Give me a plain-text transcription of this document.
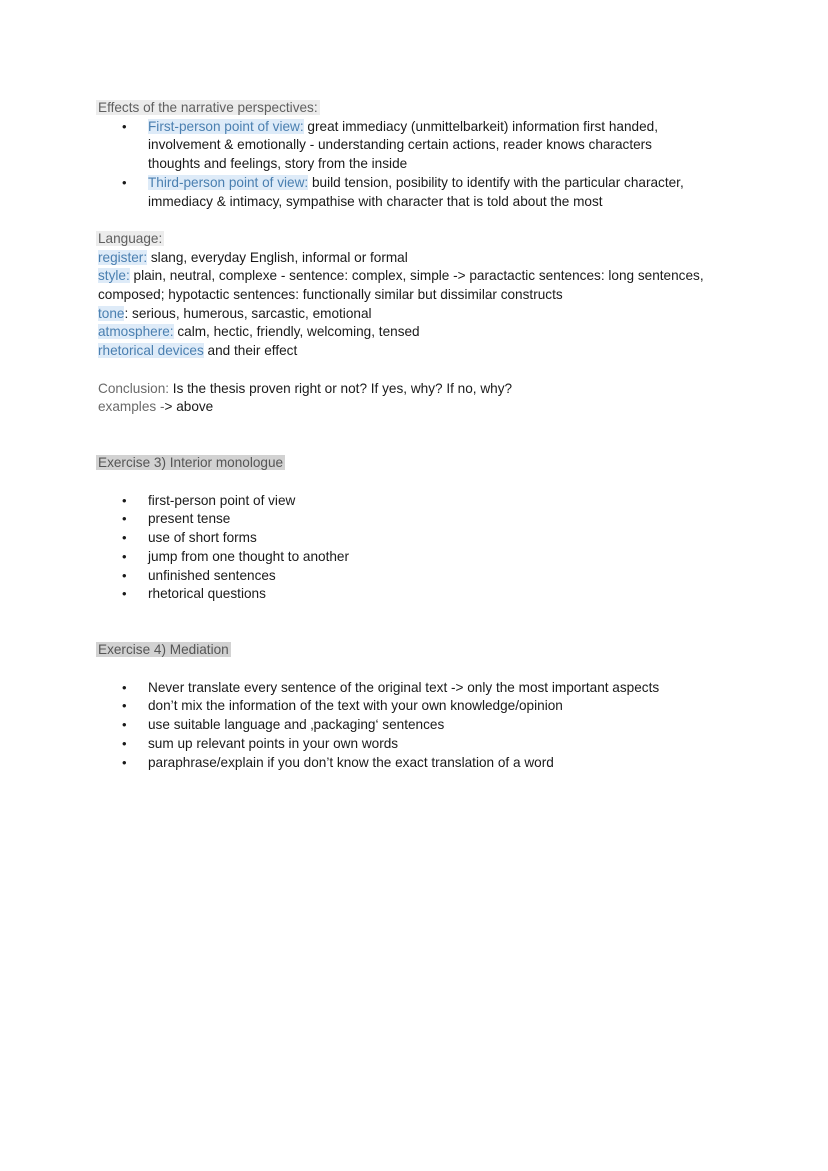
Effects of the narrative perspectives:
• First-person point of view: great immediacy (unmittelbarkeit) information first handed,
involvement & emotionally - understanding certain actions, reader knows characters
thoughts and feelings, story from the inside
• Third-person point of view: build tension, posibility to identify with the particular character,
immediacy & intimacy, sympathise with character that is told about the most
Language:
register: slang, everyday English, informal or formal
style: plain, neutral, complexe - sentence: complex, simple -> paractactic sentences: long sentences,
composed; hypotactic sentences: functionally similar but dissimilar constructs
tone: serious, humerous, sarcastic, emotional
atmosphere: calm, hectic, friendly, welcoming, tensed
rhetorical devices and their effect
Conclusion: Is the thesis proven right or not? If yes, why? If no, why?
examples -> above
Exercise 3) Interior monologue
• first-person point of view
• present tense
• use of short forms
• jump from one thought to another
• unfinished sentences
• rhetorical questions
Exercise 4) Mediation
• Never translate every sentence of the original text -> only the most important aspects
• don’t mix the information of the text with your own knowledge/opinion
• use suitable language and ‚packaging‘ sentences
• sum up relevant points in your own words
• paraphrase/explain if you don’t know the exact translation of a word
